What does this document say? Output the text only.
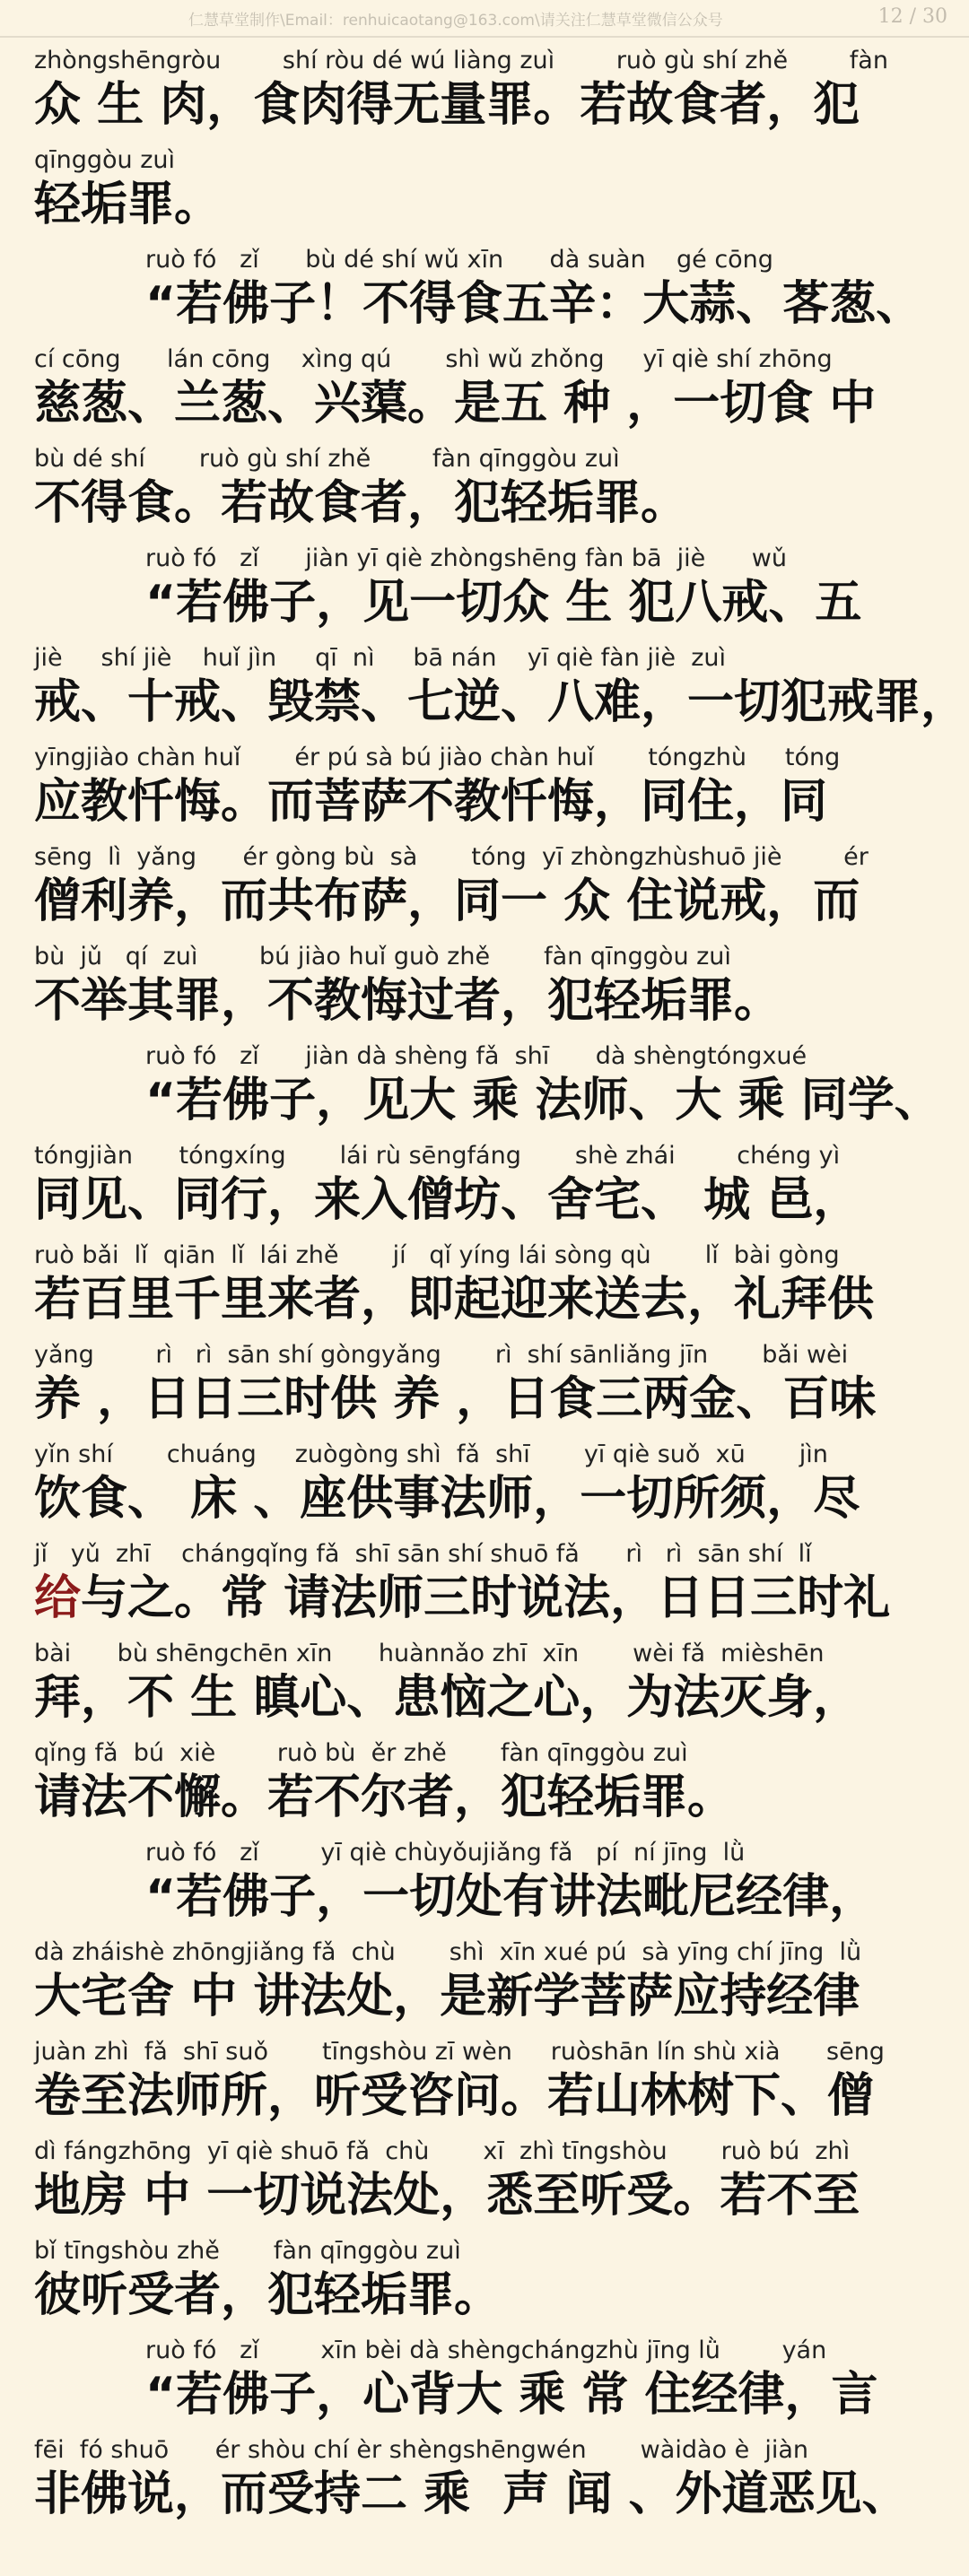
仁慧草堂制作\Email：renhuicaotang@163.com\请关注仁慧草堂微信公众号	12 / 30
zhòngshēngròu        shí ròu dé wú liàng zuì        ruò gù shí zhě        fàn
众 生 肉，食肉得无量罪。若故食者，犯
qīnggòu zuì
轻垢罪。
ruò fó   zǐ      bù dé shí wǔ xīn      dà suàn    gé cōng
“若佛子！不得食五辛：大蒜、茖葱、
cí cōng      lán cōng    xìng qú       shì wǔ zhǒng     yī qiè shí zhōng
慈葱、兰葱、兴蕖。是五 种 ，一切食 中
bù dé shí       ruò gù shí zhě        fàn qīnggòu zuì
不得食。若故食者，犯轻垢罪。
ruò fó   zǐ      jiàn yī qiè zhòngshēng fàn bā  jiè      wǔ
“若佛子，见一切众 生 犯八戒、五
jiè     shí jiè    huǐ jìn     qī  nì     bā nán    yī qiè fàn jiè  zuì
戒、十戒、毁禁、七逆、八难，一切犯戒罪，
yīngjiào chàn huǐ       ér pú sà bú jiào chàn huǐ       tóngzhù     tóng
应教忏悔。而菩萨不教忏悔，同住，同
sēng  lì  yǎng      ér gòng bù  sà       tóng  yī zhòngzhùshuō jiè        ér
僧利养，而共布萨，同一 众 住说戒，而
bù  jǔ   qí  zuì        bú jiào huǐ guò zhě       fàn qīnggòu zuì
不举其罪，不教悔过者，犯轻垢罪。
ruò fó   zǐ      jiàn dà shèng fǎ  shī      dà shèngtóngxué
“若佛子，见大 乘 法师、大 乘 同学、
tóngjiàn      tóngxíng       lái rù sēngfáng       shè zhái        chéng yì
同见、同行，来入僧坊、舍宅、 城 邑，
ruò bǎi  lǐ  qiān  lǐ  lái zhě       jí   qǐ yíng lái sòng qù       lǐ  bài gòng
若百里千里来者，即起迎来送去，礼拜供
yǎng        rì   rì  sān shí gòngyǎng       rì  shí sānliǎng jīn       bǎi wèi
养 ，日日三时供 养 ，日食三两金、百味
yǐn shí       chuáng     zuògòng shì  fǎ  shī       yī qiè suǒ  xū       jìn
饮食、 床 、座供事法师，一切所须，尽
jǐ   yǔ  zhī    chángqǐng fǎ  shī sān shí shuō fǎ      rì   rì  sān shí  lǐ
给与之。常 请法师三时说法，日日三时礼
bài      bù shēngchēn xīn      huànnǎo zhī  xīn       wèi fǎ  mièshēn
拜，不 生 瞋心、患恼之心，为法灭身，
qǐng fǎ  bú  xiè        ruò bù  ěr zhě       fàn qīnggòu zuì
请法不懈。若不尔者，犯轻垢罪。
ruò fó   zǐ        yī qiè chùyǒujiǎng fǎ   pí  ní jīng  lǜ
“若佛子，一切处有讲法毗尼经律，
dà zháishè zhōngjiǎng fǎ  chù       shì  xīn xué pú  sà yīng chí jīng  lǜ
大宅舍 中 讲法处，是新学菩萨应持经律
juàn zhì  fǎ  shī suǒ       tīngshòu zī wèn     ruòshān lín shù xià      sēng
卷至法师所，听受咨问。若山林树下、僧
dì fángzhōng  yī qiè shuō fǎ  chù       xī  zhì tīngshòu       ruò bú  zhì
地房 中 一切说法处，悉至听受。若不至
bǐ tīngshòu zhě       fàn qīnggòu zuì
彼听受者，犯轻垢罪。
ruò fó   zǐ        xīn bèi dà shèngchángzhù jīng lǜ        yán
“若佛子，心背大 乘 常 住经律，言
fēi  fó shuō      ér shòu chí èr shèngshēngwén       wàidào è  jiàn
非佛说，而受持二 乘  声 闻 、外道恶见、
